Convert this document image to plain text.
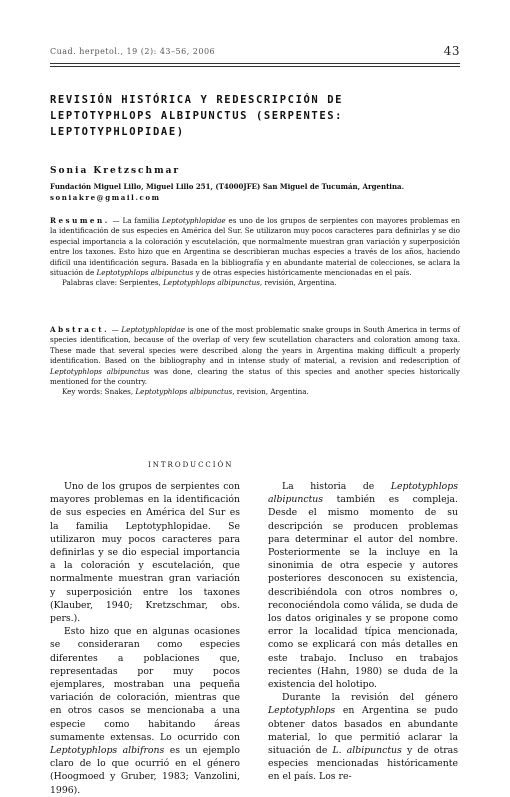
Cuad. herpetol., 19 (2): 43–56, 2006	43
REVISIÓN HISTÓRICA Y REDESCRIPCIÓN DE
LEPTOTYPHLOPS ALBIPUNCTUS (SERPENTES:
LEPTOTYPHLOPIDAE)
Sonia Kretzschmar
Fundación Miguel Lillo, Miguel Lillo 251, (T4000JFE) San Miguel de Tucumán, Argentina.
soniakre@gmail.com

Resumen. — La familia Leptotyphlopidae es uno de los grupos de serpientes con mayores problemas en la identificación de sus especies en América del Sur. Se utilizaron muy pocos caracteres para definirlas y se dio especial importancia a la coloración y escutelación, que normalmente muestran gran variación y superposición entre los taxones. Esto hizo que en Argentina se describieran muchas especies a través de los años, haciendo difícil una identificación segura. Basada en la bibliografía y en abundante material de colecciones, se aclara la situación de Leptotyphlops albipunctus y de otras especies históricamente mencionadas en el país.

Palabras clave: Serpientes, Leptotyphlops albipunctus, revisión, Argentina.

Abstract. — Leptotyphlopidae is one of the most problematic snake groups in South America in terms of species identification, because of the overlap of very few scutellation characters and coloration among taxa. These made that several species were described along the years in Argentina making difficult a properly identification. Based on the bibliography and in intense study of material, a revision and redescription of Leptotyphlops albipunctus was done, clearing the status of this species and another species historically mentioned for the country.

Key words: Snakes, Leptotyphlops albipunctus, revision, Argentina.

INTRODUCCIÓN

Uno de los grupos de serpientes con mayores problemas en la identificación de sus especies en América del Sur es la familia Leptotyphlopidae. Se utilizaron muy pocos caracteres para definirlas y se dio especial importancia a la coloración y escutelación, que normalmente muestran gran variación y superposición entre los taxones (Klauber, 1940; Kretzschmar, obs. pers.).

Esto hizo que en algunas ocasiones se consideraran como especies diferentes a poblaciones que, representadas por muy pocos ejemplares, mostraban una pequeña variación de coloración, mientras que en otros casos se mencionaba a una especie como habitando áreas sumamente extensas. Lo ocurrido con Leptotyphlops albifrons es un ejemplo claro de lo que ocurrió en el género (Hoogmoed y Gruber, 1983; Vanzolini, 1996).

La historia de Leptotyphlops albipunctus también es compleja. Desde el mismo momento de su descripción se producen problemas para determinar el autor del nombre. Posteriormente se la incluye en la sinonimia de otra especie y autores posteriores desconocen su existencia, describiéndola con otros nombres o, reconociéndola como válida, se duda de los datos originales y se propone como error la localidad típica mencionada, como se explicará con más detalles en este trabajo. Incluso en trabajos recientes (Hahn, 1980) se duda de la existencia del holotipo.

Durante la revisión del género Leptotyphlops en Argentina se pudo obtener datos basados en abundante material, lo que permitió aclarar la situación de L. albipunctus y de otras especies mencionadas históricamente en el país. Los re-
